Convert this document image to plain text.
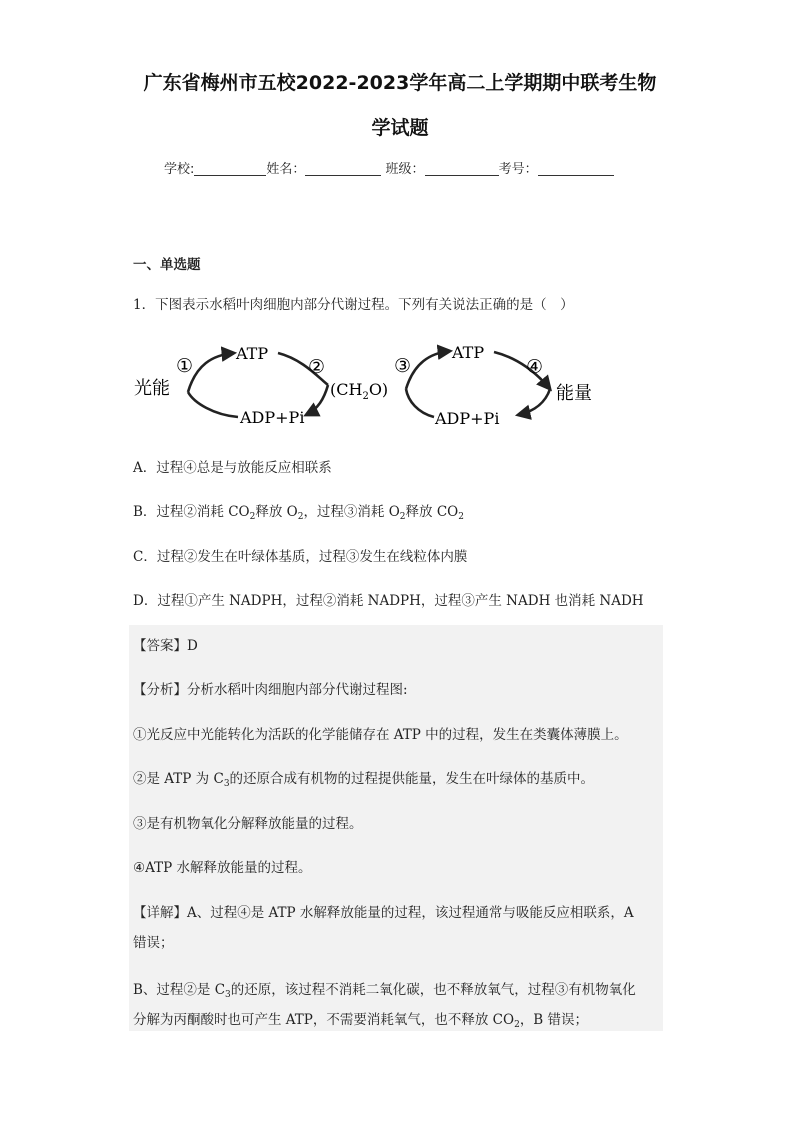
广东省梅州市五校2022-2023学年高二上学期期中联考生物
学试题
学校:	姓名：	班级：	考号：
一、单选题
1．下图表示水稻叶肉细胞内部分代谢过程。下列有关说法正确的是（　）
光能
①
ATP
ADP+Pi
②
$(CH_2O)$
③
ATP
ADP+Pi
④
能量
A．过程④总是与放能反应相联系
B．过程②消耗 $CO_2$释放 $O_2$，过程③消耗 $O_2$释放 $CO_2$
C．过程②发生在叶绿体基质，过程③发生在线粒体内膜
D．过程①产生 NADPH，过程②消耗 NADPH，过程③产生 NADH 也消耗 NADH
【答案】D
【分析】分析水稻叶肉细胞内部分代谢过程图:
①光反应中光能转化为活跃的化学能储存在 ATP 中的过程，发生在类囊体薄膜上。
②是 ATP 为 $C_3$的还原合成有机物的过程提供能量，发生在叶绿体的基质中。
③是有机物氧化分解释放能量的过程。
④ATP 水解释放能量的过程。
【详解】A、过程④是 ATP 水解释放能量的过程，该过程通常与吸能反应相联系，A
错误；
B、过程②是 $C_3$的还原，该过程不消耗二氧化碳，也不释放氧气，过程③有机物氧化
分解为丙酮酸时也可产生 ATP，不需要消耗氧气，也不释放 $CO_2$，B 错误；
